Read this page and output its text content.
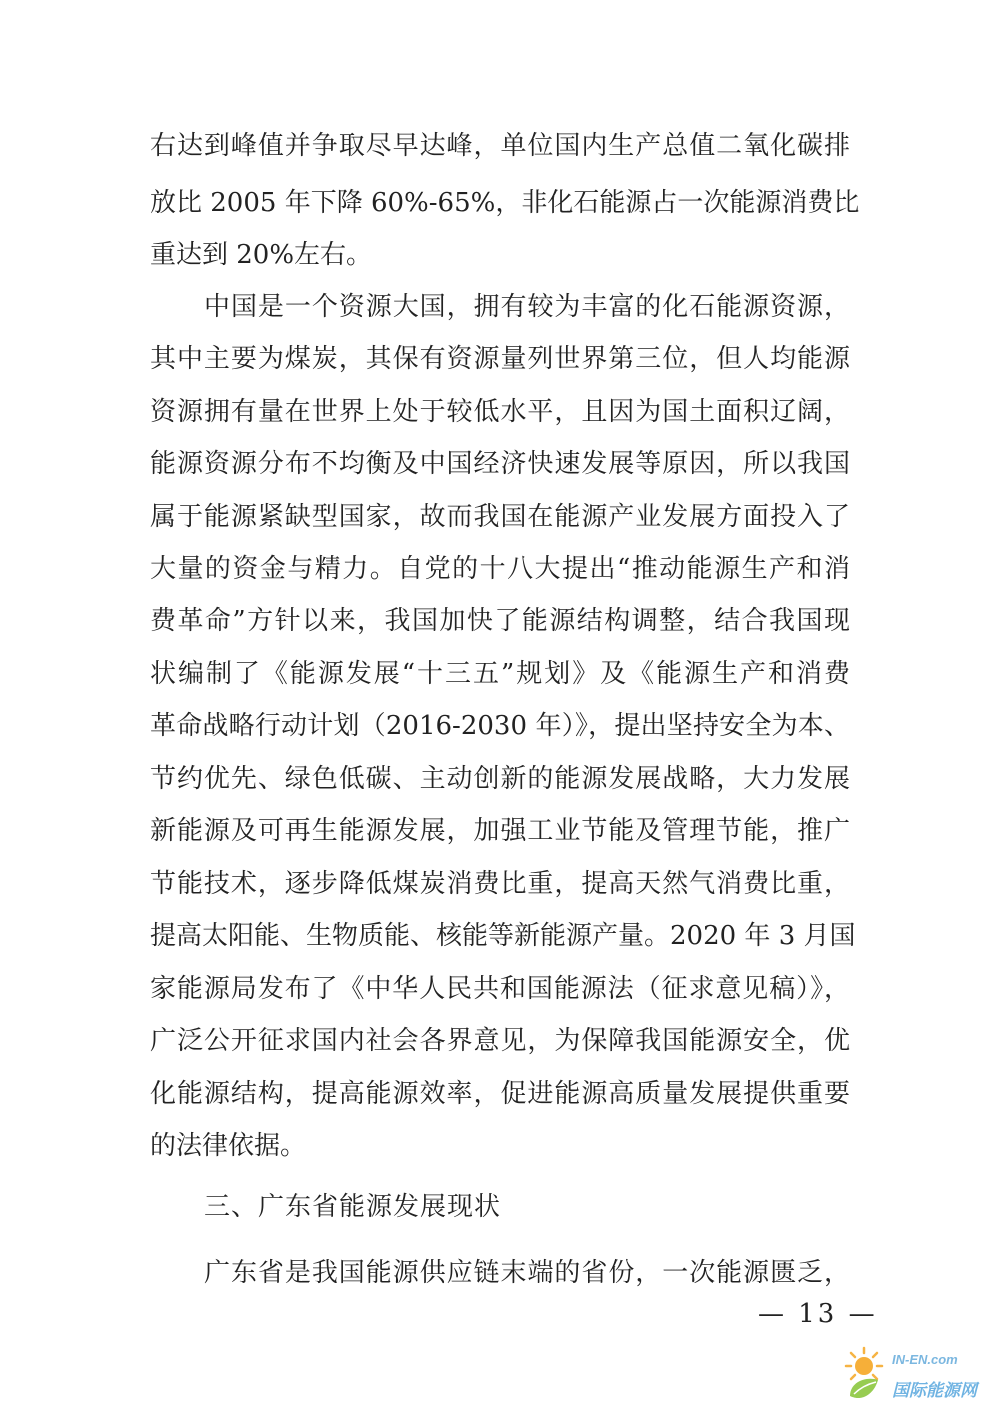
右达到峰值并争取尽早达峰，单位国内生产总值二氧化碳排
放比 2005 年下降 60%-65%，非化石能源占一次能源消费比
重达到 20%左右。
中国是一个资源大国，拥有较为丰富的化石能源资源，
其中主要为煤炭，其保有资源量列世界第三位，但人均能源
资源拥有量在世界上处于较低水平，且因为国土面积辽阔，
能源资源分布不均衡及中国经济快速发展等原因，所以我国
属于能源紧缺型国家，故而我国在能源产业发展方面投入了
大量的资金与精力。自党的十八大提出“推动能源生产和消
费革命”方针以来，我国加快了能源结构调整，结合我国现
状编制了《能源发展“十三五”规划》及《能源生产和消费
革命战略行动计划（2016-2030 年）》，提出坚持安全为本、
节约优先、绿色低碳、主动创新的能源发展战略，大力发展
新能源及可再生能源发展，加强工业节能及管理节能，推广
节能技术，逐步降低煤炭消费比重，提高天然气消费比重，
提高太阳能、生物质能、核能等新能源产量。2020 年 3 月国
家能源局发布了《中华人民共和国能源法（征求意见稿）》，
广泛公开征求国内社会各界意见，为保障我国能源安全，优
化能源结构，提高能源效率，促进能源高质量发展提供重要
的法律依据。
三、广东省能源发展现状
广东省是我国能源供应链末端的省份，一次能源匮乏，
— 13 —
IN-EN.com
国际能源网
